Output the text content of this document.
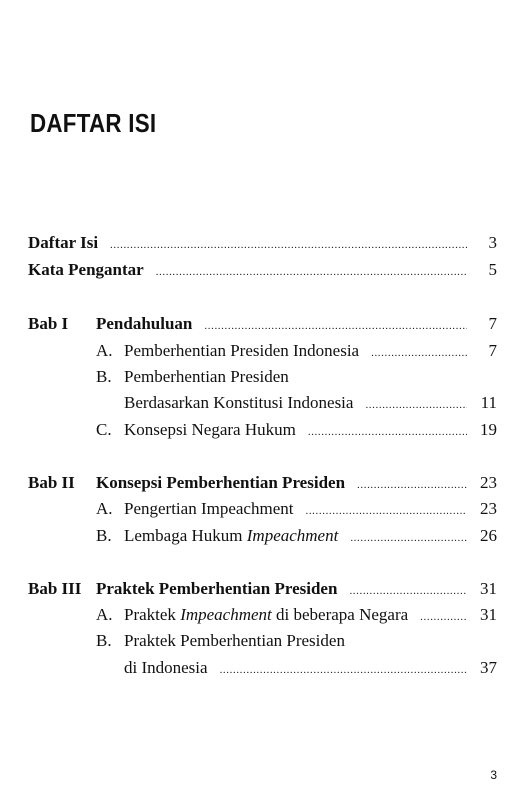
DAFTAR ISI
Daftar Isi .....	3
Kata Pengantar .....	5
Bab I Pendahuluan .....	7
A. Pemberhentian Presiden Indonesia .....	7
B. Pemberhentian Presiden
Berdasarkan Konstitusi Indonesia .....	11
C. Konsepsi Negara Hukum .....	19
Bab II Konsepsi Pemberhentian Presiden .....	23
A. Pengertian Impeachment .....	23
B. Lembaga Hukum Impeachment .....	26
Bab III Praktek Pemberhentian Presiden .....	31
A. Praktek Impeachment di beberapa Negara .....	31
B. Praktek Pemberhentian Presiden
di Indonesia .....	37
3
